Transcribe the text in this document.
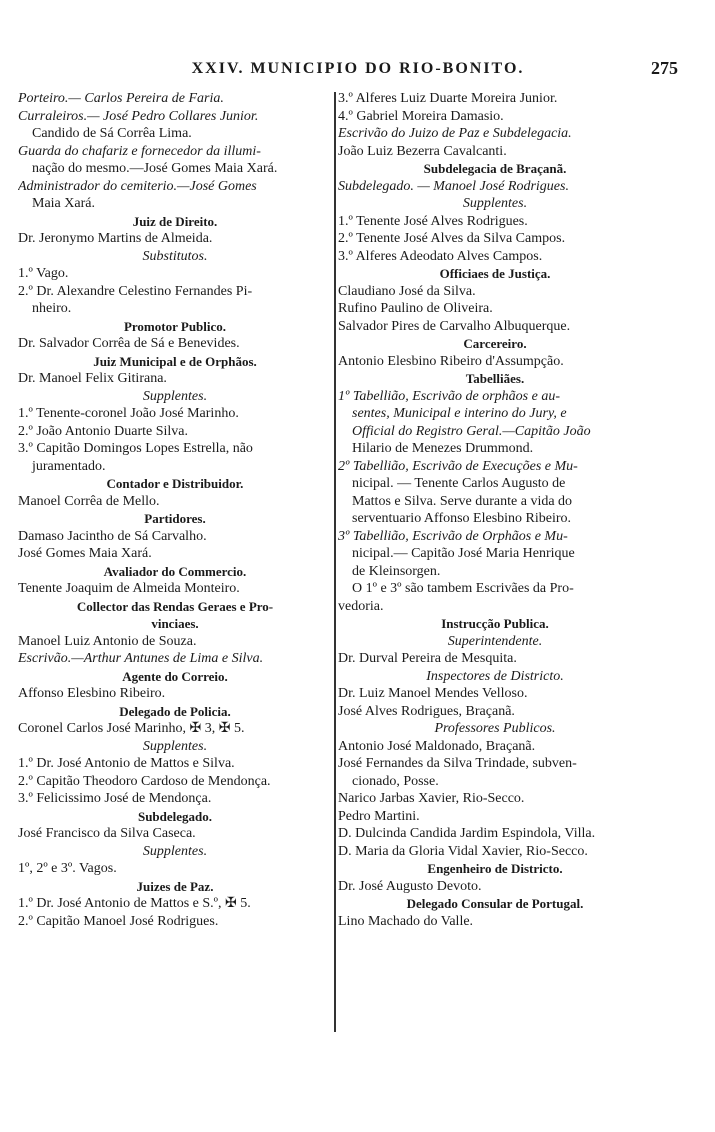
XXIV. MUNICIPIO DO RIO-BONITO.	275
Porteiro.— Carlos Pereira de Faria.
Curraleiros.— José Pedro Collares Junior.
Candido de Sá Corrêa Lima.
Guarda do chafariz e fornecedor da illumi-
nação do mesmo.—José Gomes Maia Xará.
Administrador do cemiterio.—José Gomes
Maia Xará.
Juiz de Direito.
Dr. Jeronymo Martins de Almeida.
Substitutos.
1.º Vago.
2.º Dr. Alexandre Celestino Fernandes Pi-
nheiro.
Promotor Publico.
Dr. Salvador Corrêa de Sá e Benevides.
Juiz Municipal e de Orphãos.
Dr. Manoel Felix Gitirana.
Supplentes.
1.º Tenente-coronel João José Marinho.
2.º João Antonio Duarte Silva.
3.º Capitão Domingos Lopes Estrella, não
juramentado.
Contador e Distribuidor.
Manoel Corrêa de Mello.
Partidores.
Damaso Jacintho de Sá Carvalho.
José Gomes Maia Xará.
Avaliador do Commercio.
Tenente Joaquim de Almeida Monteiro.
Collector das Rendas Geraes e Pro-
vinciaes.
Manoel Luiz Antonio de Souza.
Escrivão.—Arthur Antunes de Lima e Silva.
Agente do Correio.
Affonso Elesbino Ribeiro.
Delegado de Policia.
Coronel Carlos José Marinho, ✠ 3, ✠ 5.
Supplentes.
1.º Dr. José Antonio de Mattos e Silva.
2.º Capitão Theodoro Cardoso de Mendonça.
3.º Felicissimo José de Mendonça.
Subdelegado.
José Francisco da Silva Caseca.
Supplentes.
1º, 2º e 3º. Vagos.
Juizes de Paz.
1.º Dr. José Antonio de Mattos e S.º, ✠ 5.
2.º Capitão Manoel José Rodrigues.
3.º Alferes Luiz Duarte Moreira Junior.
4.º Gabriel Moreira Damasio.
Escrivão do Juizo de Paz e Subdelegacia.
João Luiz Bezerra Cavalcanti.
Subdelegacia de Braçanã.
Subdelegado. — Manoel José Rodrigues.
Supplentes.
1.º Tenente José Alves Rodrigues.
2.º Tenente José Alves da Silva Campos.
3.º Alferes Adeodato Alves Campos.
Officiaes de Justiça.
Claudiano José da Silva.
Rufino Paulino de Oliveira.
Salvador Pires de Carvalho Albuquerque.
Carcereiro.
Antonio Elesbino Ribeiro d'Assumpção.
Tabelliães.
1º Tabellião, Escrivão de orphãos e au-
sentes, Municipal e interino do Jury, e
Official do Registro Geral.—Capitão João
Hilario de Menezes Drummond.
2º Tabellião, Escrivão de Execuções e Mu-
nicipal. — Tenente Carlos Augusto de
Mattos e Silva. Serve durante a vida do
serventuario Affonso Elesbino Ribeiro.
3º Tabellião, Escrivão de Orphãos e Mu-
nicipal.— Capitão José Maria Henrique
de Kleinsorgen.
O 1º e 3º são tambem Escrivães da Pro-
vedoria.
Instrucção Publica.
Superintendente.
Dr. Durval Pereira de Mesquita.
Inspectores de Districto.
Dr. Luiz Manoel Mendes Velloso.
José Alves Rodrigues, Braçanã.
Professores Publicos.
Antonio José Maldonado, Braçanã.
José Fernandes da Silva Trindade, subven-
cionado, Posse.
Narico Jarbas Xavier, Rio-Secco.
Pedro Martini.
D. Dulcinda Candida Jardim Espindola, Villa.
D. Maria da Gloria Vidal Xavier, Rio-Secco.
Engenheiro de Districto.
Dr. José Augusto Devoto.
Delegado Consular de Portugal.
Lino Machado do Valle.
